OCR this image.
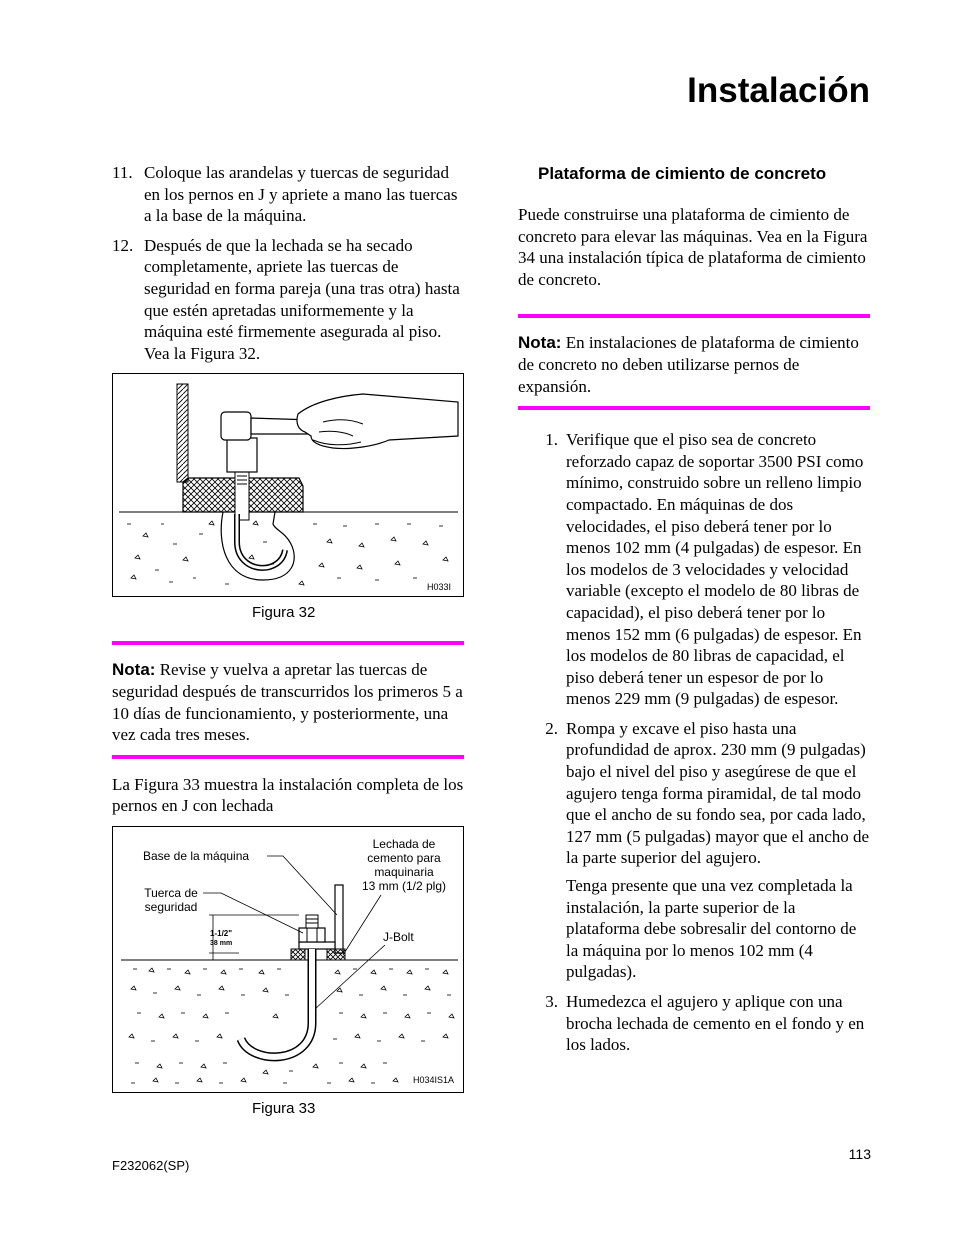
Instalación
11. Coloque las arandelas y tuercas de seguridad en los pernos en J y apriete a mano las tuercas a la base de la máquina.
12. Después de que la lechada se ha secado completamente, apriete las tuercas de seguridad en forma pareja (una tras otra) hasta que estén apretadas uniformemente y la máquina esté firmemente asegurada al piso. Vea la Figura 32.
H033I
Figura 32
Nota: Revise y vuelva a apretar las tuercas de seguridad después de transcurridos los primeros 5 a 10 días de funcionamiento, y posteriormente, una vez cada tres meses.

La Figura 33 muestra la instalación completa de los pernos en J con lechada

1-1/2"
38 mm
Base de la máquina
Tuerca de
seguridad
Lechada de
cemento para
maquinaria
13 mm (1/2 plg)
J-Bolt
H034IS1A
Figura 33
Plataforma de cimiento de concreto

Puede construirse una plataforma de cimiento de concreto para elevar las máquinas. Vea en la Figura 34 una instalación típica de plataforma de cimiento de concreto.

Nota: En instalaciones de plataforma de cimiento de concreto no deben utilizarse pernos de expansión.
1. Verifique que el piso sea de concreto reforzado capaz de soportar 3500 PSI como mínimo, construido sobre un relleno limpio compactado. En máquinas de dos velocidades, el piso deberá tener por lo menos 102 mm (4 pulgadas) de espesor. En los modelos de 3 velocidades y velocidad variable (excepto el modelo de 80 libras de capacidad), el piso deberá tener por lo menos 152 mm (6 pulgadas) de espesor. En los modelos de 80 libras de capacidad, el piso deberá tener un espesor de por lo menos 229 mm (9 pulgadas) de espesor.
2. Rompa y excave el piso hasta una profundidad de aprox. 230 mm (9 pulgadas) bajo el nivel del piso y asegúrese de que el agujero tenga forma piramidal, de tal modo que el ancho de su fondo sea, por cada lado, 127 mm (5 pulgadas) mayor que el ancho de la parte superior del agujero.
Tenga presente que una vez completada la instalación, la parte superior de la plataforma debe sobresalir del contorno de la máquina por lo menos 102 mm (4 pulgadas).
3. Humedezca el agujero y aplique con una brocha lechada de cemento en el fondo y en los lados.
113
F232062(SP)
